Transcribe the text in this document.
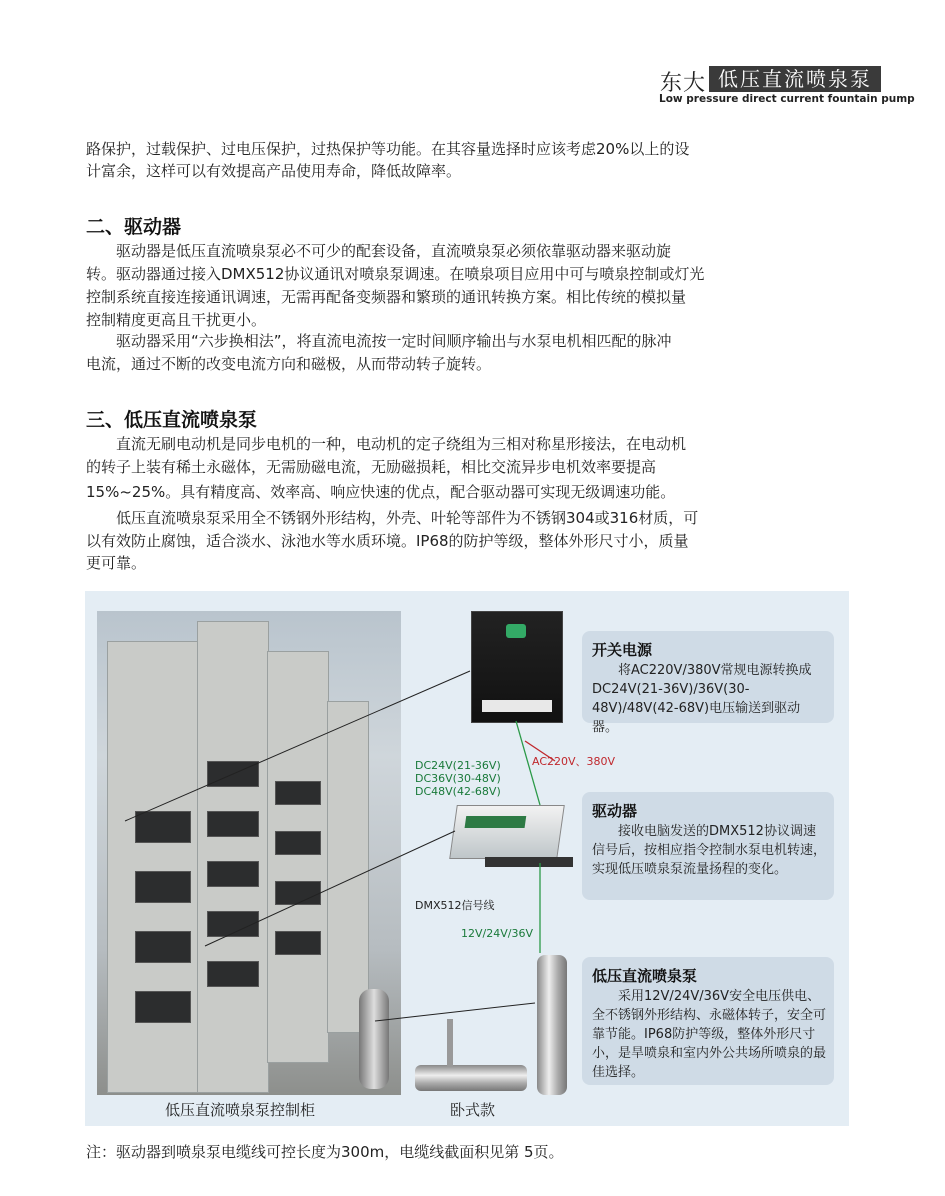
东大 低压直流喷泉泵
Low pressure direct current fountain pump

路保护，过载保护、过电压保护，过热保护等功能。在其容量选择时应该考虑20%以上的设

计富余，这样可以有效提高产品使用寿命，降低故障率。

二、驱动器

　　驱动器是低压直流喷泉泵必不可少的配套设备，直流喷泉泵必须依靠驱动器来驱动旋

转。驱动器通过接入DMX512协议通讯对喷泉泵调速。在喷泉项目应用中可与喷泉控制或灯光

控制系统直接连接通讯调速，无需再配备变频器和繁琐的通讯转换方案。相比传统的模拟量

控制精度更高且干扰更小。

　　驱动器采用“六步换相法”，将直流电流按一定时间顺序输出与水泵电机相匹配的脉冲

电流，通过不断的改变电流方向和磁极，从而带动转子旋转。

三、低压直流喷泉泵

　　直流无刷电动机是同步电机的一种，电动机的定子绕组为三相对称星形接法，在电动机

的转子上装有稀土永磁体，无需励磁电流，无励磁损耗，相比交流异步电机效率要提高

15%~25%。具有精度高、效率高、响应快速的优点，配合驱动器可实现无级调速功能。

　　低压直流喷泉泵采用全不锈钢外形结构，外壳、叶轮等部件为不锈钢304或316材质，可

以有效防止腐蚀，适合淡水、泳池水等水质环境。IP68的防护等级，整体外形尺寸小，质量

更可靠。

低压直流喷泉泵控制柜
AC220V、380V
DC24V(21-36V)
DC36V(30-48V)
DC48V(42-68V)
DMX512信号线
12V/24V/36V
卧式款
开关电源

将AC220V/380V常规电源转换成DC24V(21-36V)/36V(30-48V)/48V(42-68V)电压输送到驱动器。

驱动器

接收电脑发送的DMX512协议调速信号后，按相应指令控制水泵电机转速，实现低压喷泉泵流量扬程的变化。

低压直流喷泉泵

采用12V/24V/36V安全电压供电、全不锈钢外形结构、永磁体转子，安全可靠节能。IP68防护等级，整体外形尺寸小，是旱喷泉和室内外公共场所喷泉的最佳选择。

注：驱动器到喷泉泵电缆线可控长度为300m，电缆线截面积见第 5页。
